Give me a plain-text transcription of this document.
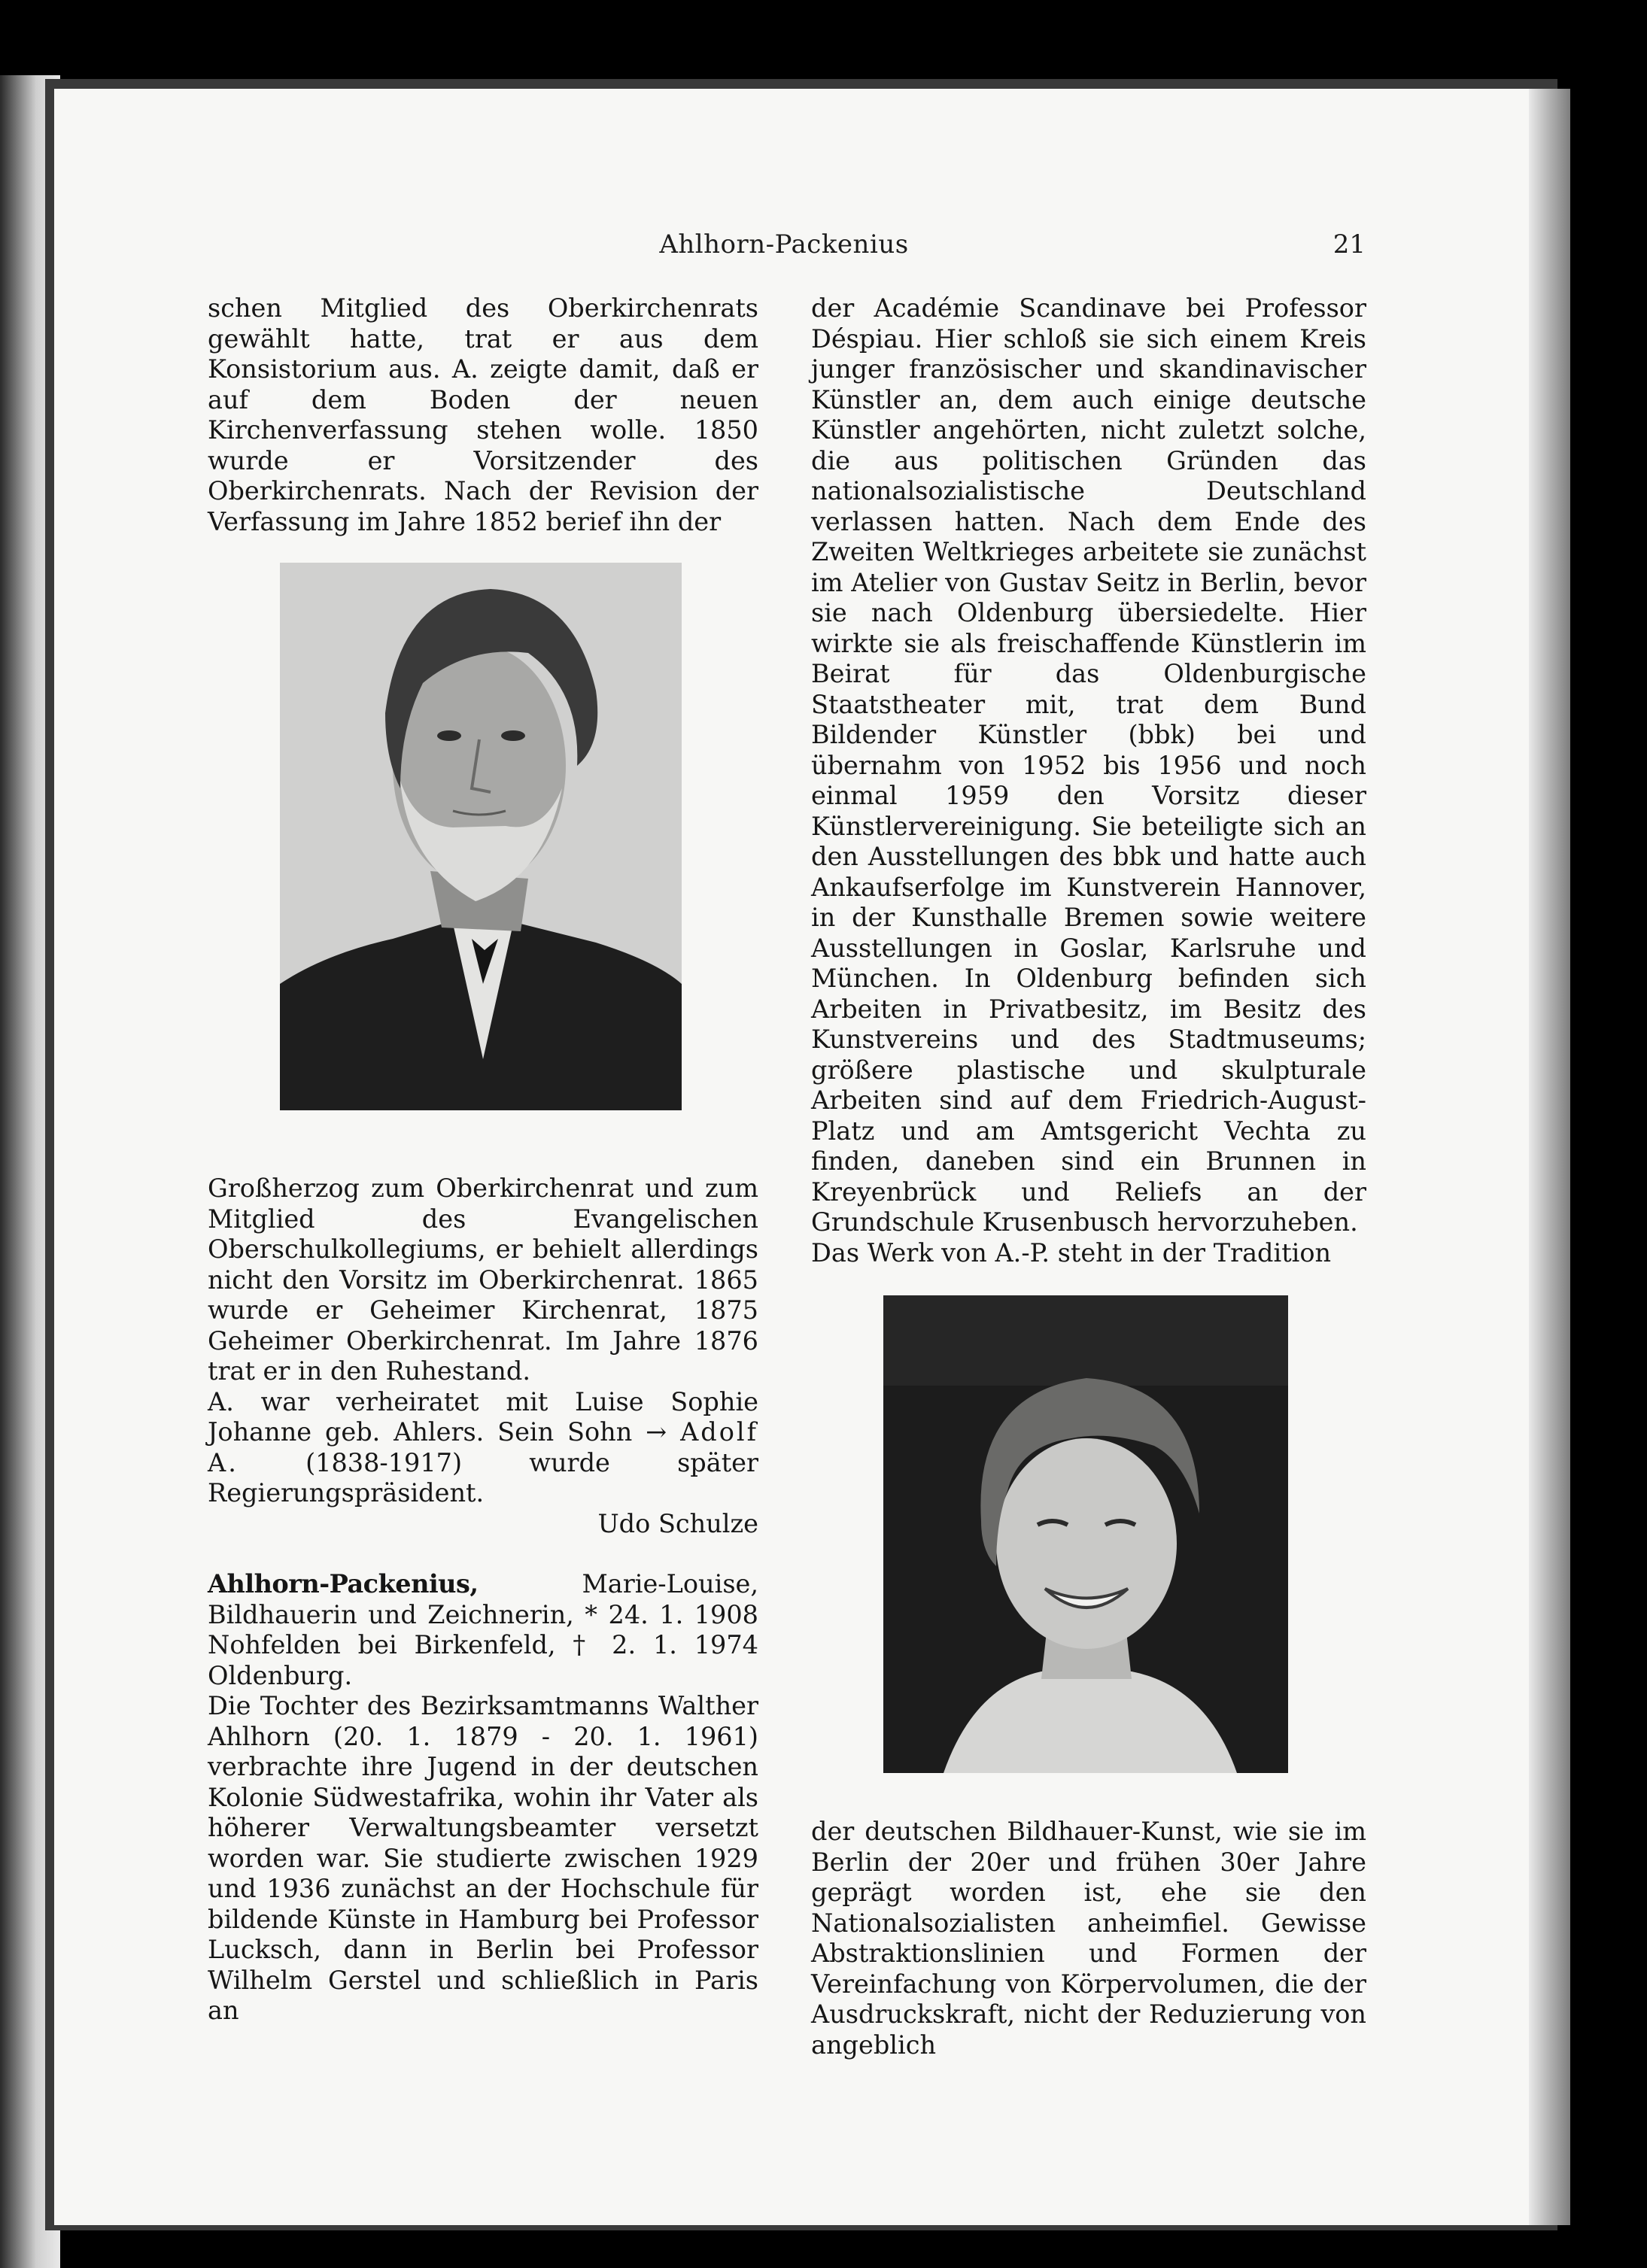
Ahlhorn-Packenius	21

schen Mitglied des Oberkirchenrats gewählt hatte, trat er aus dem Konsistorium aus. A. zeigte damit, daß er auf dem Boden der neuen Kirchenverfassung stehen wolle. 1850 wurde er Vorsitzender des Oberkirchenrats. Nach der Revision der Verfassung im Jahre 1852 berief ihn der

Großherzog zum Oberkirchenrat und zum Mitglied des Evangelischen Oberschulkollegiums, er behielt allerdings nicht den Vorsitz im Oberkirchenrat. 1865 wurde er Geheimer Kirchenrat, 1875 Geheimer Oberkirchenrat. Im Jahre 1876 trat er in den Ruhestand.

A. war verheiratet mit Luise Sophie Johanne geb. Ahlers. Sein Sohn → Adolf A. (1838-1917) wurde später Regierungspräsident.

Udo Schulze

Ahlhorn-Packenius, Marie-Louise, Bildhauerin und Zeichnerin, * 24. 1. 1908 Nohfelden bei Birkenfeld, † 2. 1. 1974 Oldenburg.

Die Tochter des Bezirksamtmanns Walther Ahlhorn (20. 1. 1879 - 20. 1. 1961) verbrachte ihre Jugend in der deutschen Kolonie Südwestafrika, wohin ihr Vater als höherer Verwaltungsbeamter versetzt worden war. Sie studierte zwischen 1929 und 1936 zunächst an der Hochschule für bildende Künste in Hamburg bei Professor Lucksch, dann in Berlin bei Professor Wilhelm Gerstel und schließlich in Paris an

der Académie Scandinave bei Professor Déspiau. Hier schloß sie sich einem Kreis junger französischer und skandinavischer Künstler an, dem auch einige deutsche Künstler angehörten, nicht zuletzt solche, die aus politischen Gründen das nationalsozialistische Deutschland verlassen hatten. Nach dem Ende des Zweiten Weltkrieges arbeitete sie zunächst im Atelier von Gustav Seitz in Berlin, bevor sie nach Oldenburg übersiedelte. Hier wirkte sie als freischaffende Künstlerin im Beirat für das Oldenburgische Staatstheater mit, trat dem Bund Bildender Künstler (bbk) bei und übernahm von 1952 bis 1956 und noch einmal 1959 den Vorsitz dieser Künstlervereinigung. Sie beteiligte sich an den Ausstellungen des bbk und hatte auch Ankaufserfolge im Kunstverein Hannover, in der Kunsthalle Bremen sowie weitere Ausstellungen in Goslar, Karlsruhe und München. In Oldenburg befinden sich Arbeiten in Privatbesitz, im Besitz des Kunstvereins und des Stadtmuseums; größere plastische und skulpturale Arbeiten sind auf dem Friedrich-August-Platz und am Amtsgericht Vechta zu finden, daneben sind ein Brunnen in Kreyenbrück und Reliefs an der Grundschule Krusenbusch hervorzuheben.

Das Werk von A.-P. steht in der Tradition

der deutschen Bildhauer-Kunst, wie sie im Berlin der 20er und frühen 30er Jahre geprägt worden ist, ehe sie den Nationalsozialisten anheimfiel. Gewisse Abstraktionslinien und Formen der Vereinfachung von Körpervolumen, die der Ausdruckskraft, nicht der Reduzierung von angeblich
